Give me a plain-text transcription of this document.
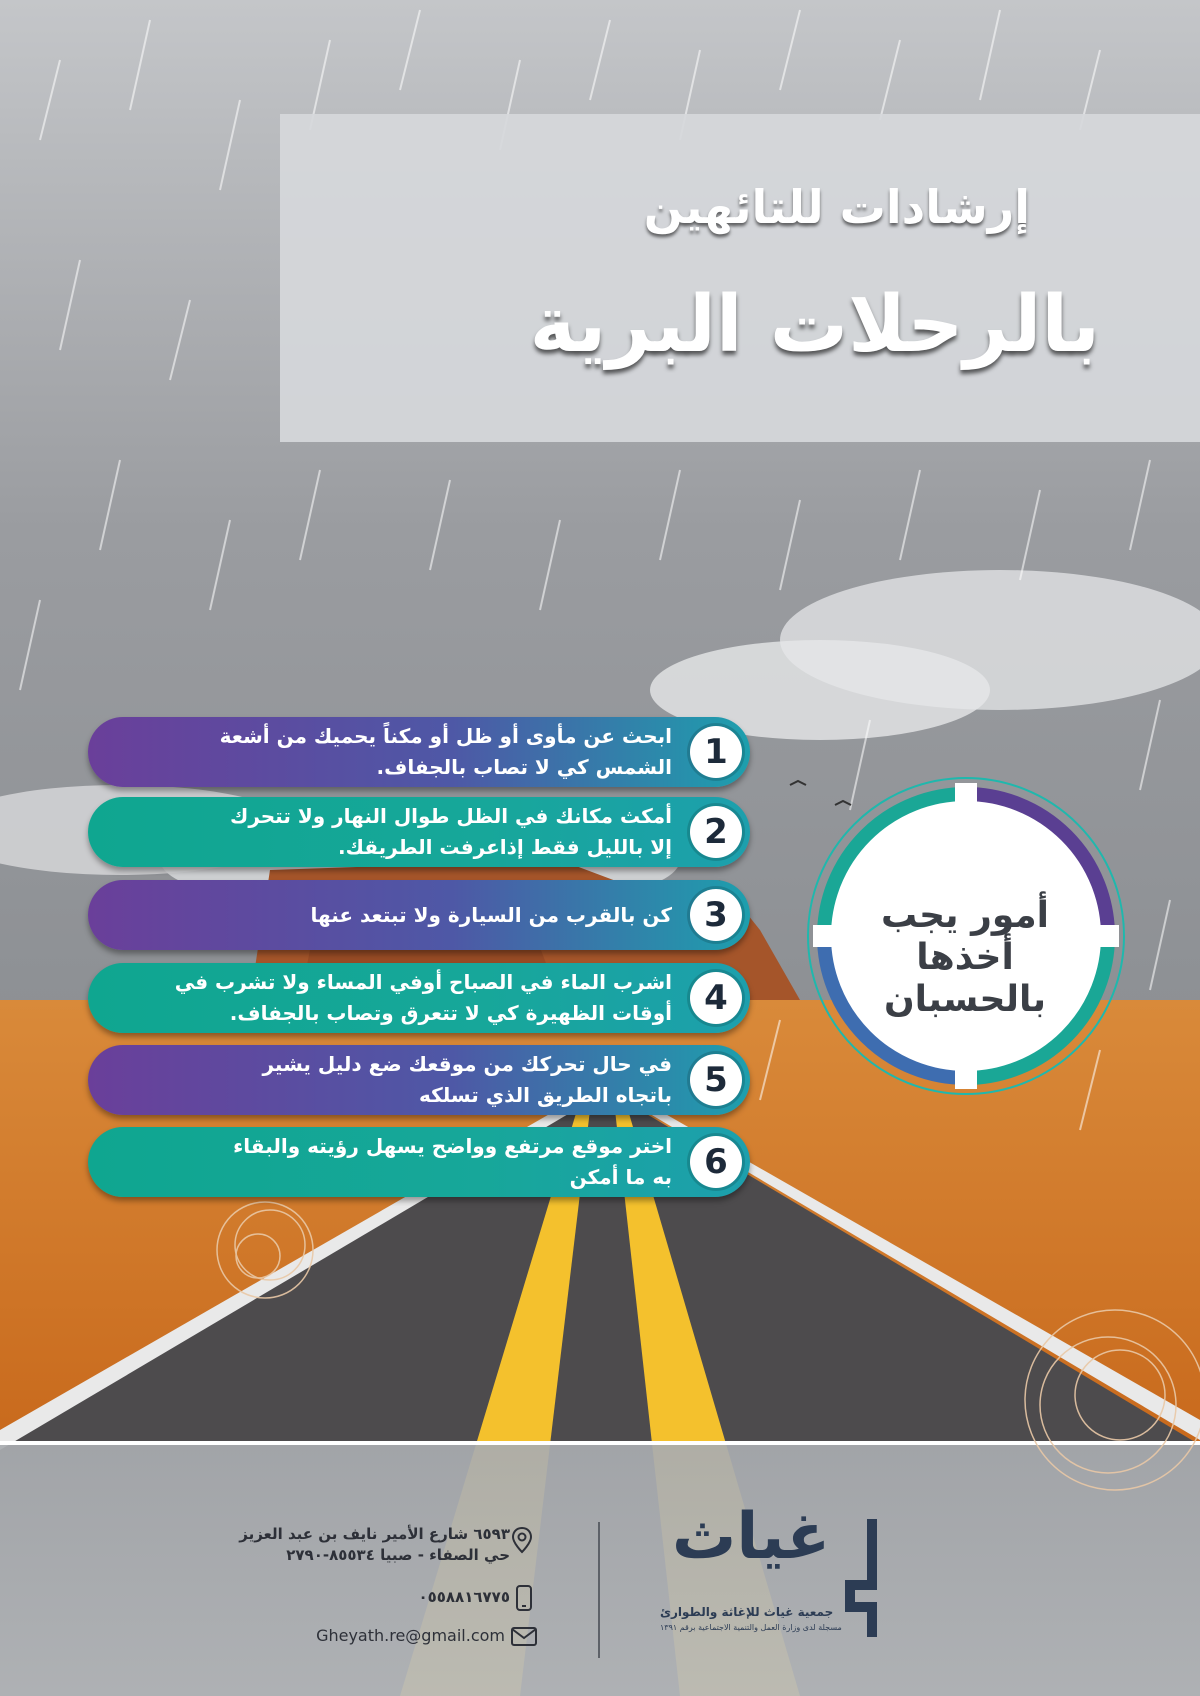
إرشادات للتائهين
بالرحلات البرية
1
ابحث عن مأوى أو ظل أو مكناً يحميك من أشعة
الشمس كي لا تصاب بالجفاف.
2
أمكث مكانك في الظل طوال النهار ولا تتحرك
إلا بالليل فقط إذاعرفت الطريقك.
3
كن بالقرب من السيارة ولا تبتعد عنها
4
اشرب الماء في الصباح أوفي المساء ولا تشرب في
أوقات الظهيرة كي لا تتعرق وتصاب بالجفاف.
5
في حال تحركك من موقعك ضع دليل يشير
باتجاه الطريق الذي تسلكه
6
اختر موقع مرتفع وواضح يسهل رؤيته والبقاء
به ما أمكن
أمور يجب
أخذها
بالحسبان
٦٥٩٣ شارع الأمير نايف بن عبد العزيز
حي الصفاء - صبيا ٨٥٥٣٤-٢٧٩٠
٠٥٥٨٨١٦٧٧٥
Gheyath.re@gmail.com
غياث
جمعية غياث للإغاثة والطوارئ
مسجلة لدى وزارة العمل والتنمية الاجتماعية برقم ١٣٩١
